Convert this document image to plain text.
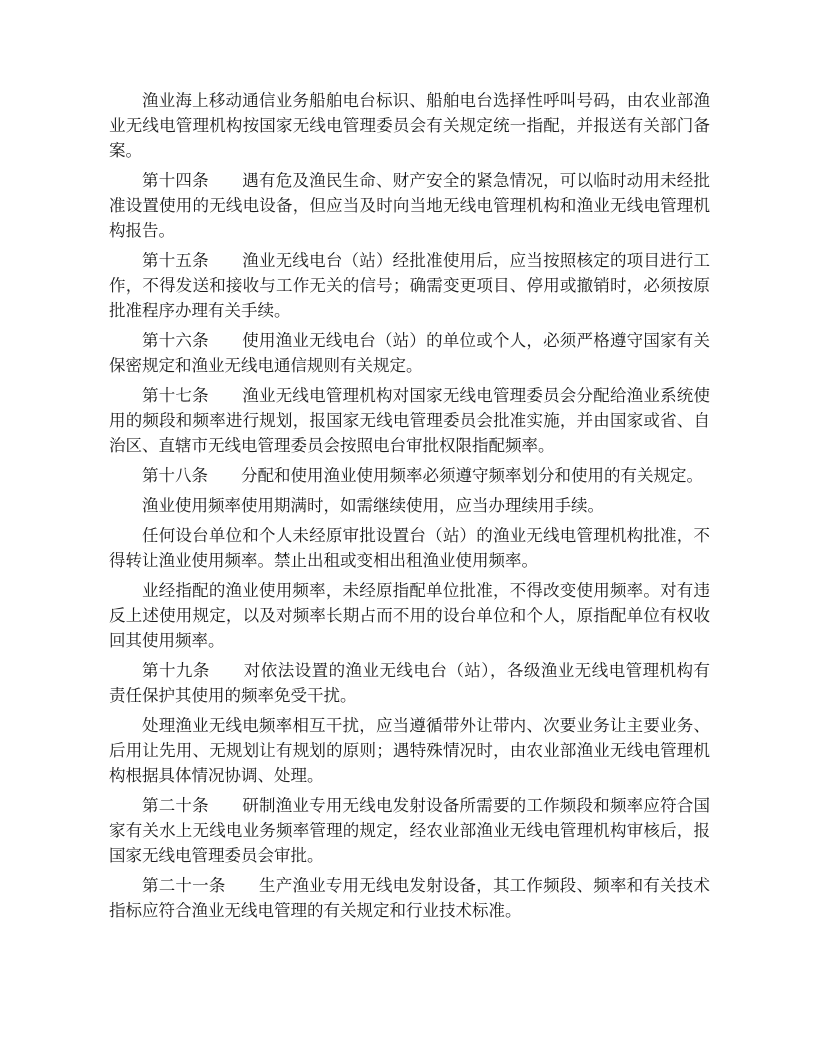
渔业海上移动通信业务船舶电台标识、船舶电台选择性呼叫号码，由农业部渔业无线电管理机构按国家无线电管理委员会有关规定统一指配，并报送有关部门备案。

第十四条　　遇有危及渔民生命、财产安全的紧急情况，可以临时动用未经批准设置使用的无线电设备，但应当及时向当地无线电管理机构和渔业无线电管理机构报告。

第十五条　　渔业无线电台（站）经批准使用后，应当按照核定的项目进行工作，不得发送和接收与工作无关的信号；确需变更项目、停用或撤销时，必须按原批准程序办理有关手续。

第十六条　　使用渔业无线电台（站）的单位或个人，必须严格遵守国家有关保密规定和渔业无线电通信规则有关规定。

第十七条　　渔业无线电管理机构对国家无线电管理委员会分配给渔业系统使用的频段和频率进行规划，报国家无线电管理委员会批准实施，并由国家或省、自治区、直辖市无线电管理委员会按照电台审批权限指配频率。

第十八条　　分配和使用渔业使用频率必须遵守频率划分和使用的有关规定。

渔业使用频率使用期满时，如需继续使用，应当办理续用手续。

任何设台单位和个人未经原审批设置台（站）的渔业无线电管理机构批准，不得转让渔业使用频率。禁止出租或变相出租渔业使用频率。

业经指配的渔业使用频率，未经原指配单位批准，不得改变使用频率。对有违反上述使用规定，以及对频率长期占而不用的设台单位和个人，原指配单位有权收回其使用频率。

第十九条　　对依法设置的渔业无线电台（站），各级渔业无线电管理机构有责任保护其使用的频率免受干扰。

处理渔业无线电频率相互干扰，应当遵循带外让带内、次要业务让主要业务、后用让先用、无规划让有规划的原则；遇特殊情况时，由农业部渔业无线电管理机构根据具体情况协调、处理。

第二十条　　研制渔业专用无线电发射设备所需要的工作频段和频率应符合国家有关水上无线电业务频率管理的规定，经农业部渔业无线电管理机构审核后，报国家无线电管理委员会审批。

第二十一条　　生产渔业专用无线电发射设备，其工作频段、频率和有关技术指标应符合渔业无线电管理的有关规定和行业技术标准。
